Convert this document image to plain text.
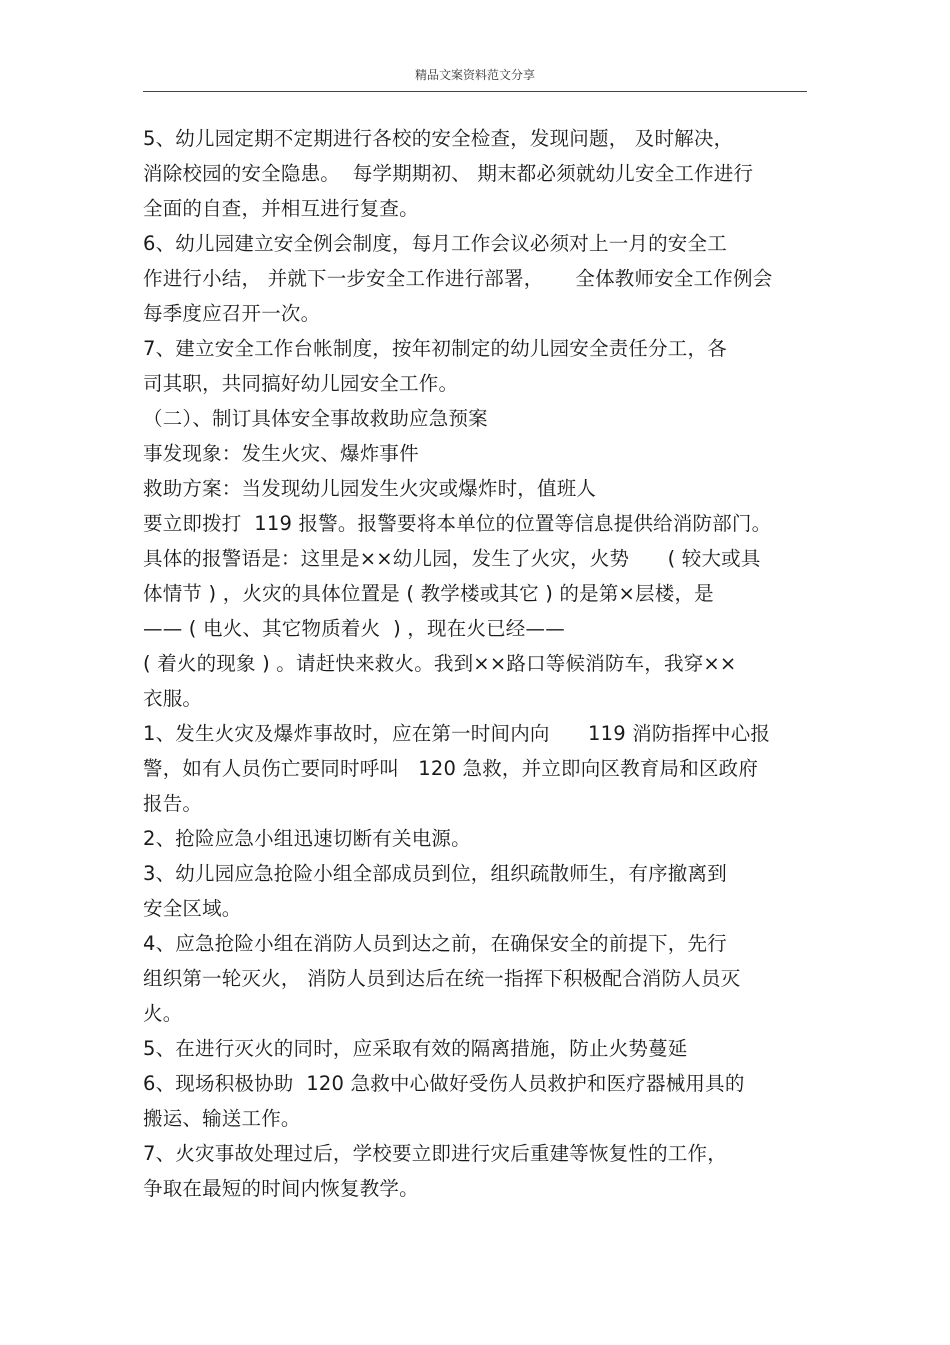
精品文案资料范文分享
5、幼儿园定期不定期进行各校的安全检查，发现问题， 及时解决，
消除校园的安全隐患。  每学期期初、 期末都必须就幼儿安全工作进行
全面的自查，并相互进行复查。
6、幼儿园建立安全例会制度，每月工作会议必须对上一月的安全工
作进行小结， 并就下一步安全工作进行部署，     全体教师安全工作例会
每季度应召开一次。
7、建立安全工作台帐制度，按年初制定的幼儿园安全责任分工，各
司其职，共同搞好幼儿园安全工作。
（二）、制订具体安全事故救助应急预案
事发现象：发生火灾、爆炸事件
救助方案：当发现幼儿园发生火灾或爆炸时，值班人
要立即拨打  119 报警。报警要将本单位的位置等信息提供给消防部门。
具体的报警语是：这里是××幼儿园，发生了火灾，火势      ( 较大或具
体情节 ) ，火灾的具体位置是 ( 教学楼或其它 ) 的是第×层楼，是
—— ( 电火、其它物质着火  ) ，现在火已经——
( 着火的现象 ) 。请赶快来救火。我到××路口等候消防车，我穿××
衣服。
1、发生火灾及爆炸事故时，应在第一时间内向      119 消防指挥中心报
警，如有人员伤亡要同时呼叫   120 急救，并立即向区教育局和区政府
报告。
2、抢险应急小组迅速切断有关电源。
3、幼儿园应急抢险小组全部成员到位，组织疏散师生，有序撤离到
安全区域。
4、应急抢险小组在消防人员到达之前，在确保安全的前提下，先行
组织第一轮灭火， 消防人员到达后在统一指挥下积极配合消防人员灭
火。
5、在进行灭火的同时，应采取有效的隔离措施，防止火势蔓延
6、现场积极协助  120 急救中心做好受伤人员救护和医疗器械用具的
搬运、输送工作。
7、火灾事故处理过后，学校要立即进行灾后重建等恢复性的工作，
争取在最短的时间内恢复教学。
